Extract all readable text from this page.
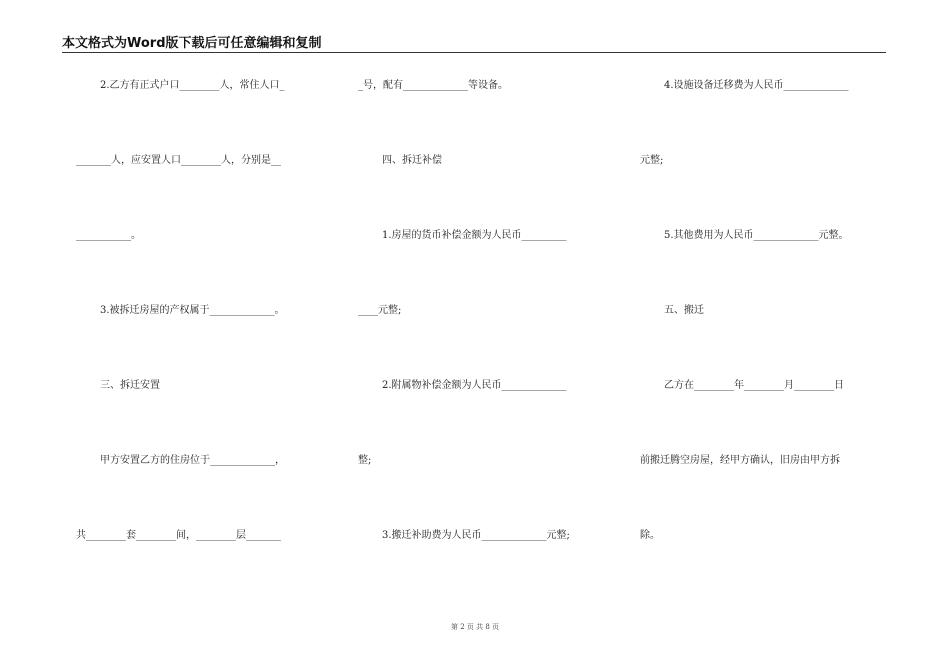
本文格式为Word版下载后可任意编辑和复制
2.乙方有正式户口________人，常住人口_
_______人，应安置人口________人，分别是__
___________。
3.被拆迁房屋的产权属于_____________。
三、拆迁安置
甲方安置乙方的住房位于_____________，
共________套________间，________层_______
_号，配有_____________等设备。
四、拆迁补偿
1.房屋的货币补偿金额为人民币_________
____元整;
2.附属物补偿金额为人民币_____________
整;
3.搬迁补助费为人民币_____________元整;
4.设施设备迁移费为人民币_____________
元整;
5.其他费用为人民币_____________元整。
五、搬迁
乙方在________年________月________日
前搬迁腾空房屋，经甲方确认，旧房由甲方拆
除。
第 2 页 共 8 页
